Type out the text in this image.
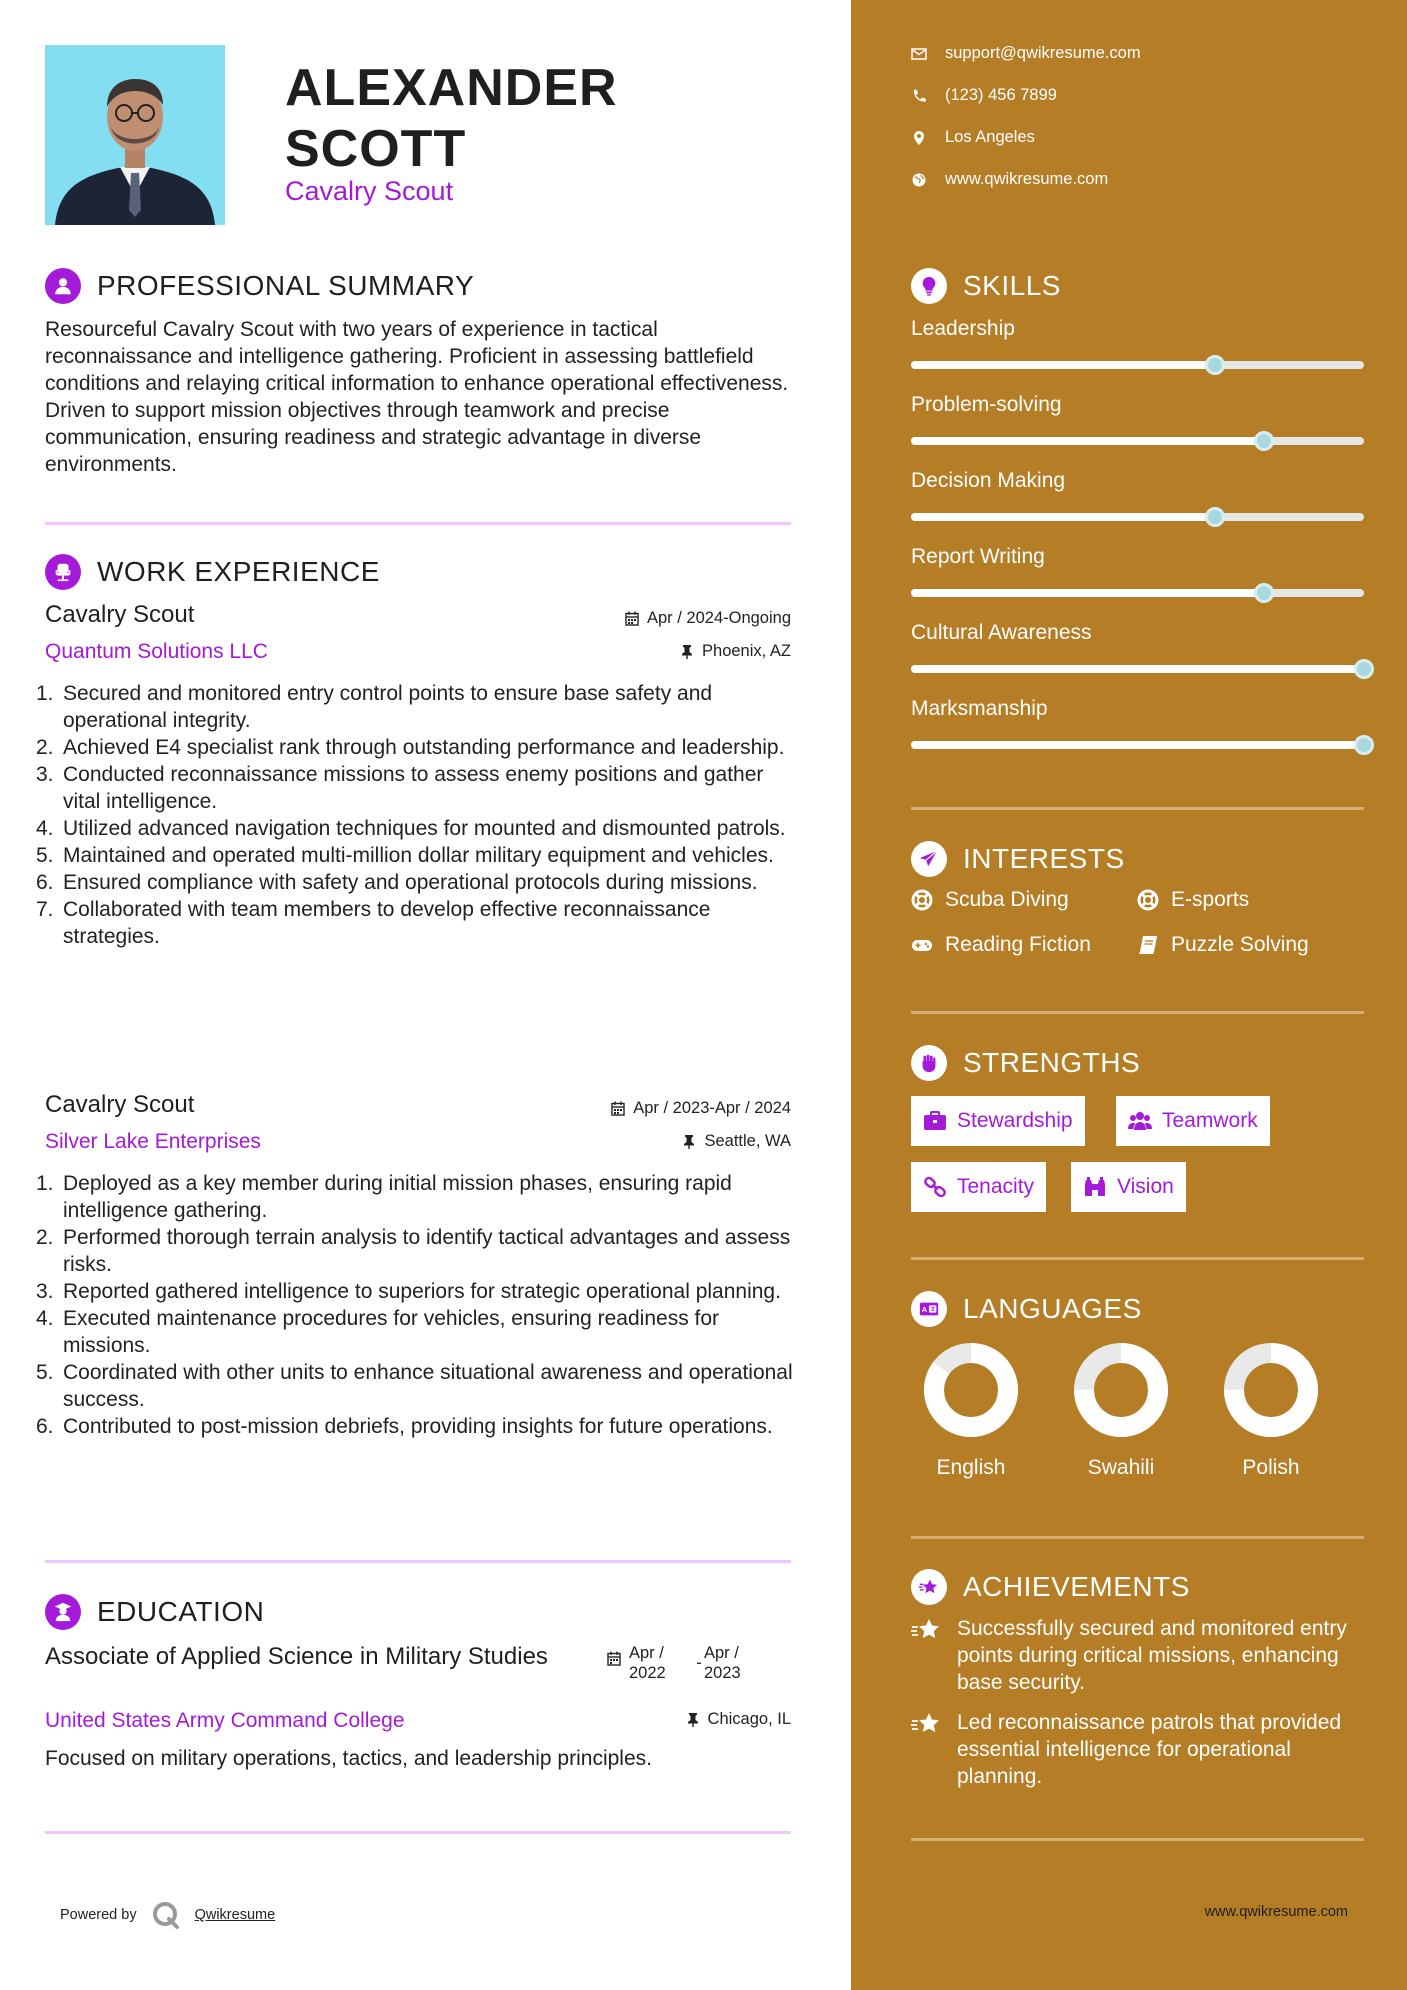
ALEXANDER
SCOTT
Cavalry Scout
PROFESSIONAL SUMMARY
Resourceful Cavalry Scout with two years of experience in tactical reconnaissance and intelligence gathering. Proficient in assessing battlefield conditions and relaying critical information to enhance operational effectiveness. Driven to support mission objectives through teamwork and precise communication, ensuring readiness and strategic advantage in diverse environments.
WORK EXPERIENCE
Cavalry Scout	Apr / 2024-Ongoing
Quantum Solutions LLC	Phoenix, AZ
1. Secured and monitored entry control points to ensure base safety and operational integrity.
2. Achieved E4 specialist rank through outstanding performance and leadership.
3. Conducted reconnaissance missions to assess enemy positions and gather vital intelligence.
4. Utilized advanced navigation techniques for mounted and dismounted patrols.
5. Maintained and operated multi-million dollar military equipment and vehicles.
6. Ensured compliance with safety and operational protocols during missions.
7. Collaborated with team members to develop effective reconnaissance strategies.
Cavalry Scout	Apr / 2023-Apr / 2024
Silver Lake Enterprises	Seattle, WA
1. Deployed as a key member during initial mission phases, ensuring rapid intelligence gathering.
2. Performed thorough terrain analysis to identify tactical advantages and assess risks.
3. Reported gathered intelligence to superiors for strategic operational planning.
4. Executed maintenance procedures for vehicles, ensuring readiness for missions.
5. Coordinated with other units to enhance situational awareness and operational success.
6. Contributed to post-mission debriefs, providing insights for future operations.
EDUCATION
Associate of Applied Science in Military Studies	Apr / 2022
-
Apr / 2023
United States Army Command College	Chicago, IL
Focused on military operations, tactics, and leadership principles.
Powered by	Qwikresume
support@qwikresume.com
(123) 456 7899
Los Angeles
www.qwikresume.com
SKILLS
Leadership
Problem-solving
Decision Making
Report Writing
Cultural Awareness
Marksmanship
INTERESTS
Scuba Diving	E-sports
Reading Fiction	Puzzle Solving
STRENGTHS
Stewardship	Teamwork
Tenacity	Vision
A LANGUAGES
English	Swahili	Polish
ACHIEVEMENTS
Successfully secured and monitored entry points during critical missions, enhancing base security.
Led reconnaissance patrols that provided essential intelligence for operational planning.
www.qwikresume.com
